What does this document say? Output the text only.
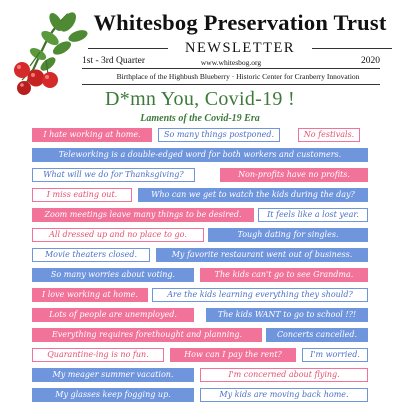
Whitesbog Preservation Trust
NEWSLETTER
1st - 3rd Quarter	www.whitesbog.org	2020
Birthplace of the Highbush Blueberry · Historic Center for Cranberry Innovation
D*mn You, Covid-19 !
Laments of the Covid-19 Era
I hate working at home.	So many things postponed.	No festivals.
Teleworking is a double-edged word for both workers and customers.
What will we do for Thanksgiving?	Non-profits have no profits.
I miss eating out.	Who can we get to watch the kids during the day?
Zoom meetings leave many things to be desired.	It feels like a lost year.
All dressed up and no place to go.	Tough dating for singles.
Movie theaters closed.	My favorite restaurant went out of business.
So many worries about voting.	The kids can't go to see Grandma.
I love working at home.	Are the kids learning everything they should?
Lots of people are unemployed.	The kids WANT to go to school !?!
Everything requires forethought and planning.	Concerts cancelled.
Quarantine-ing is no fun.	How can I pay the rent?	I'm worried.
My meager summer vacation.	I'm concerned about flying.
My glasses keep fogging up.	My kids are moving back home.
